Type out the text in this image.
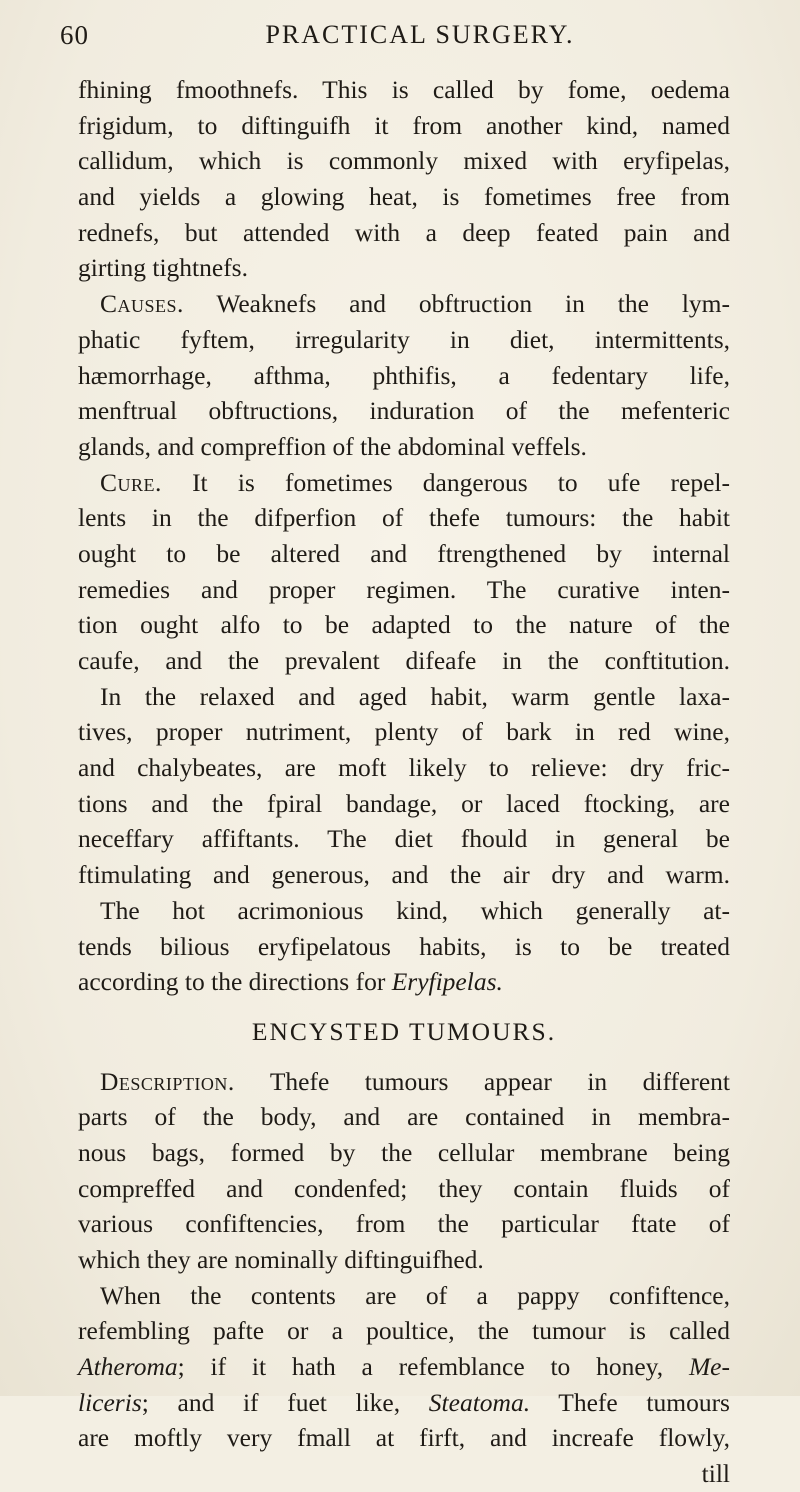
60	PRACTICAL SURGERY.
fhining fmoothnefs. This is called by fome, oedema
frigidum, to diftinguifh it from another kind, named
callidum, which is commonly mixed with eryfipelas,
and yields a glowing heat, is fometimes free from
rednefs, but attended with a deep feated pain and
girting tightnefs.
Causes. Weaknefs and obftruction in the lym-
phatic fyftem, irregularity in diet, intermittents,
hæmorrhage, afthma, phthifis, a fedentary life,
menftrual obftructions, induration of the mefenteric
glands, and compreffion of the abdominal veffels.
Cure. It is fometimes dangerous to ufe repel-
lents in the difperfion of thefe tumours: the habit
ought to be altered and ftrengthened by internal
remedies and proper regimen. The curative inten-
tion ought alfo to be adapted to the nature of the
caufe, and the prevalent difeafe in the conftitution.
In the relaxed and aged habit, warm gentle laxa-
tives, proper nutriment, plenty of bark in red wine,
and chalybeates, are moft likely to relieve: dry fric-
tions and the fpiral bandage, or laced ftocking, are
neceffary affiftants. The diet fhould in general be
ftimulating and generous, and the air dry and warm.
The hot acrimonious kind, which generally at-
tends bilious eryfipelatous habits, is to be treated
according to the directions for Eryfipelas.
ENCYSTED TUMOURS.
Description. Thefe tumours appear in different
parts of the body, and are contained in membra-
nous bags, formed by the cellular membrane being
compreffed and condenfed; they contain fluids of
various confiftencies, from the particular ftate of
which they are nominally diftinguifhed.
When the contents are of a pappy confiftence,
refembling pafte or a poultice, the tumour is called
Atheroma; if it hath a refemblance to honey, Me-
liceris; and if fuet like, Steatoma. Thefe tumours
are moftly very fmall at firft, and increafe flowly,
till
